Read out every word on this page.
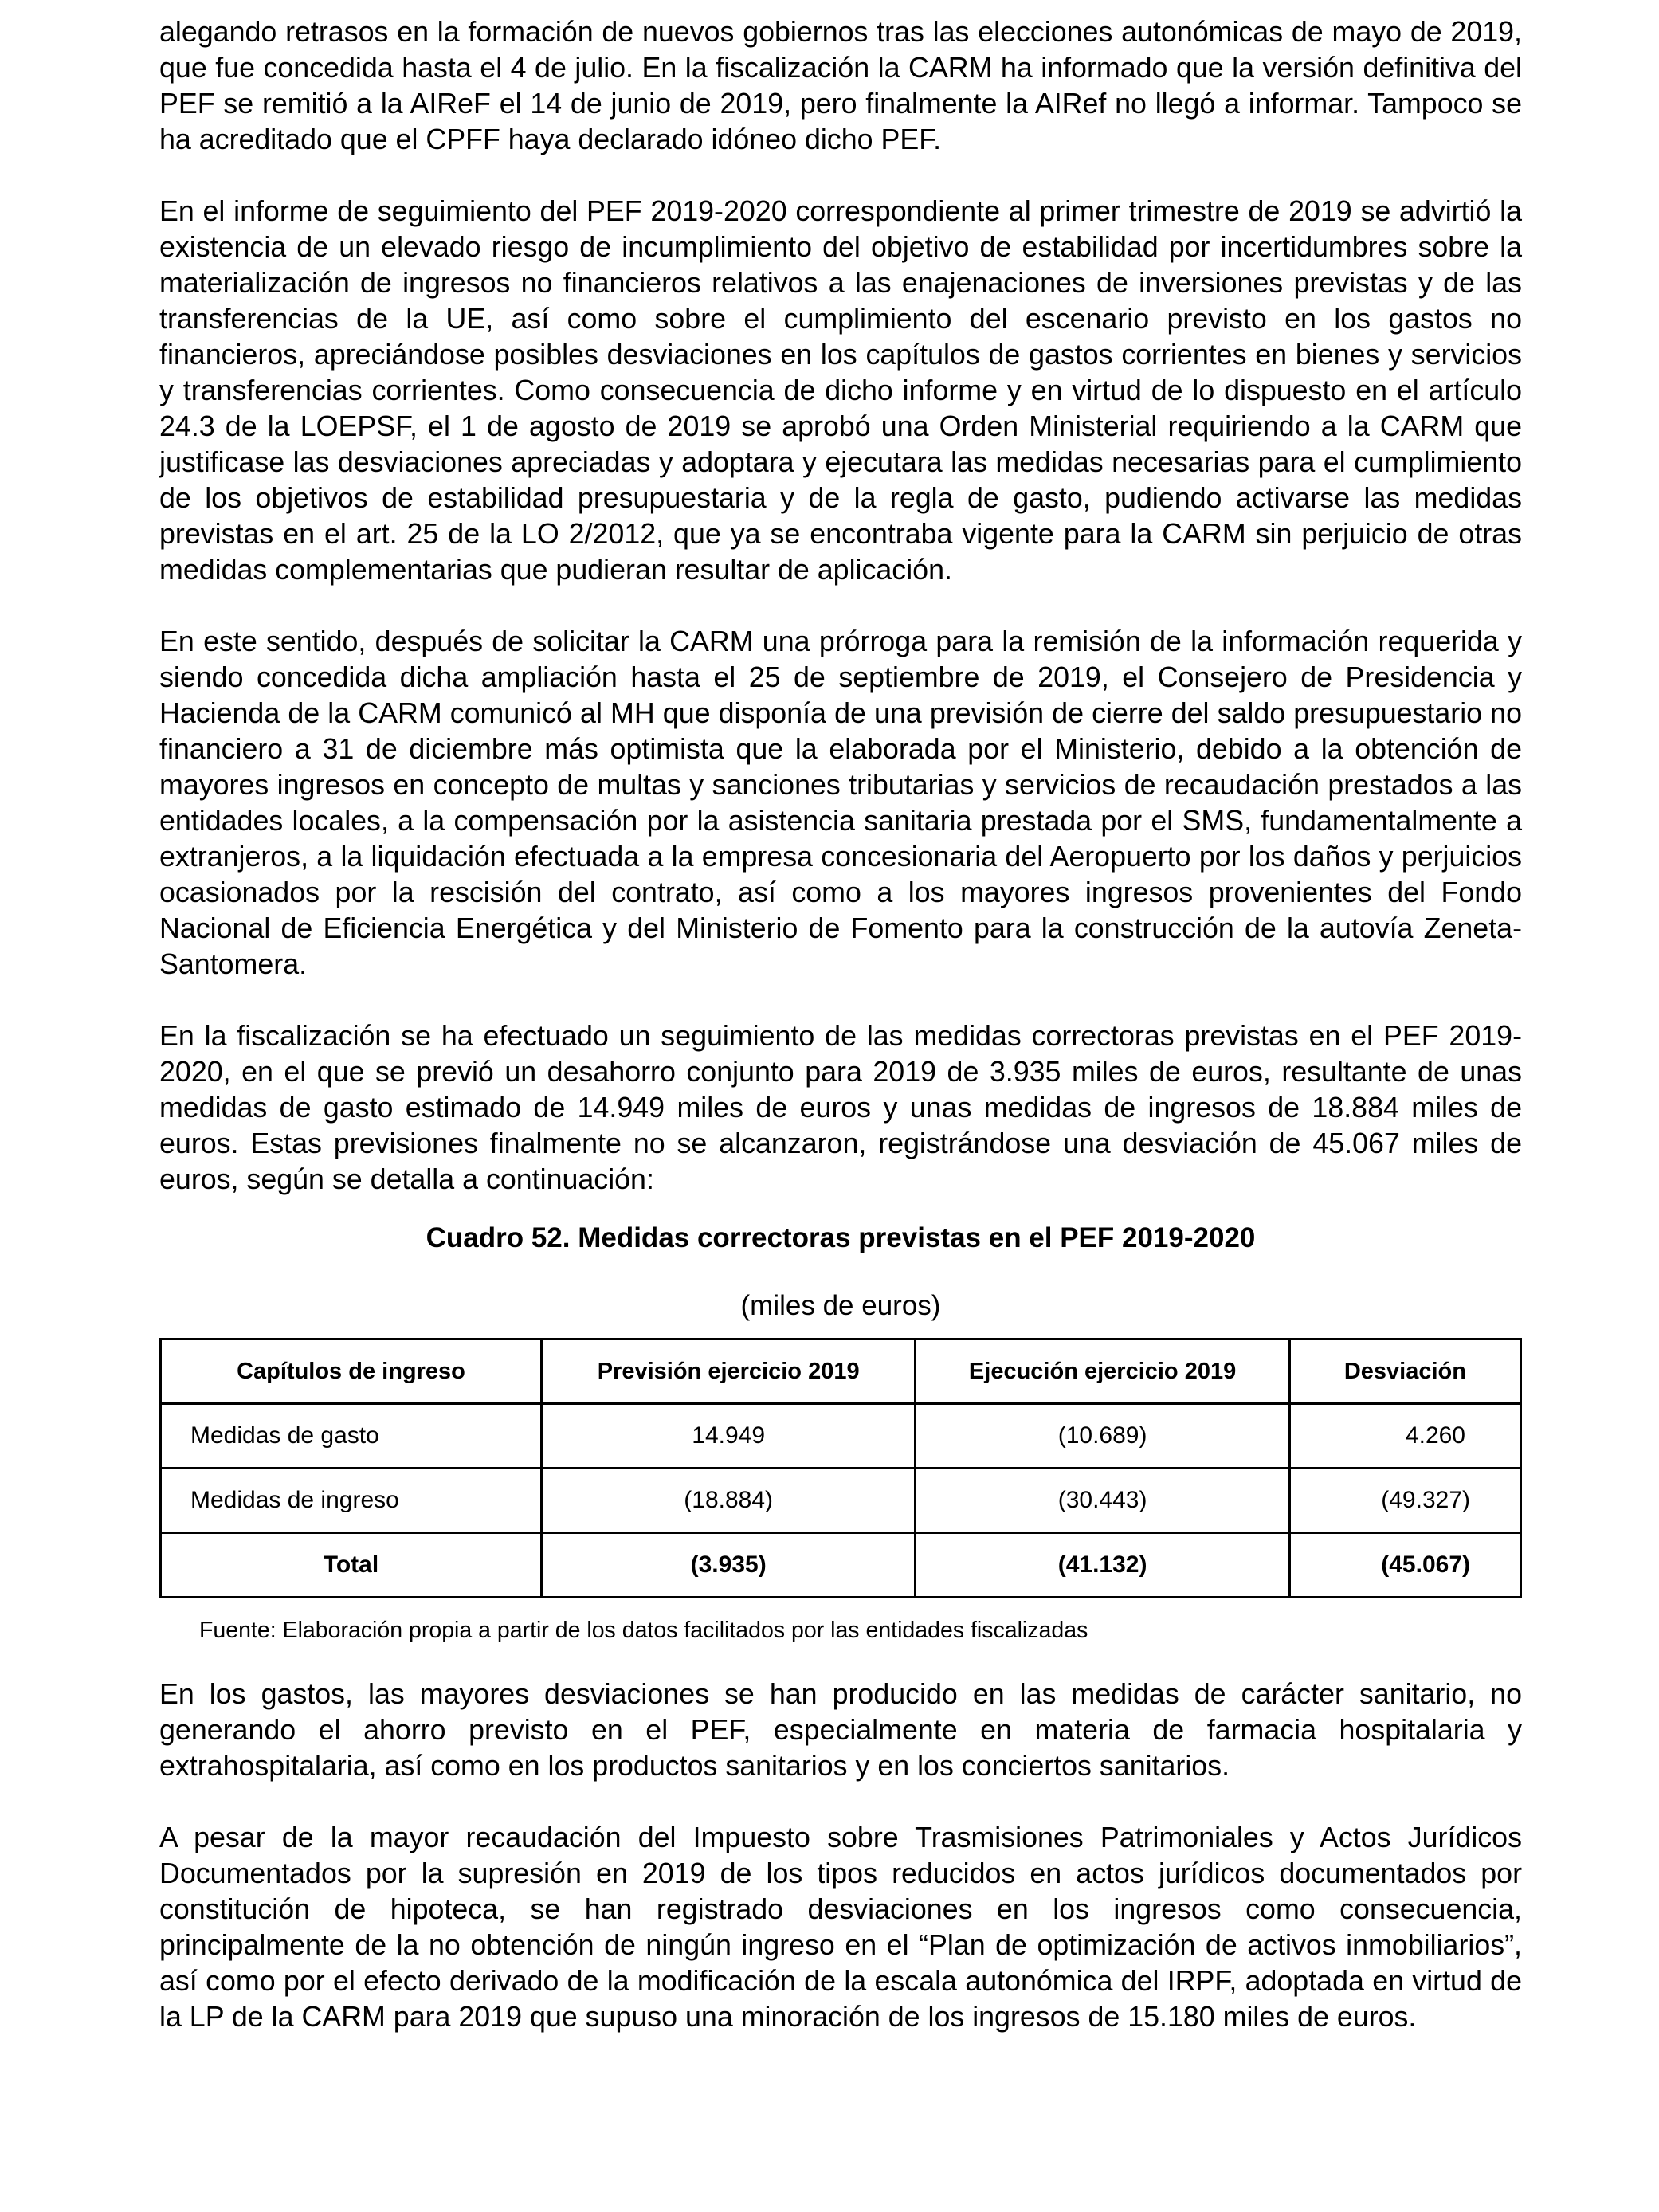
alegando retrasos en la formación de nuevos gobiernos tras las elecciones autonómicas de mayo de 2019, que fue concedida hasta el 4 de julio. En la fiscalización la CARM ha informado que la versión definitiva del PEF se remitió a la AIReF el 14 de junio de 2019, pero finalmente la AIRef no llegó a informar. Tampoco se ha acreditado que el CPFF haya declarado idóneo dicho PEF.

En el informe de seguimiento del PEF 2019-2020 correspondiente al primer trimestre de 2019 se advirtió la existencia de un elevado riesgo de incumplimiento del objetivo de estabilidad por incertidumbres sobre la materialización de ingresos no financieros relativos a las enajenaciones de inversiones previstas y de las transferencias de la UE, así como sobre el cumplimiento del escenario previsto en los gastos no financieros, apreciándose posibles desviaciones en los capítulos de gastos corrientes en bienes y servicios y transferencias corrientes. Como consecuencia de dicho informe y en virtud de lo dispuesto en el artículo 24.3 de la LOEPSF, el 1 de agosto de 2019 se aprobó una Orden Ministerial requiriendo a la CARM que justificase las desviaciones apreciadas y adoptara y ejecutara las medidas necesarias para el cumplimiento de los objetivos de estabilidad presupuestaria y de la regla de gasto, pudiendo activarse las medidas previstas en el art. 25 de la LO 2/2012, que ya se encontraba vigente para la CARM sin perjuicio de otras medidas complementarias que pudieran resultar de aplicación.

En este sentido, después de solicitar la CARM una prórroga para la remisión de la información requerida y siendo concedida dicha ampliación hasta el 25 de septiembre de 2019, el Consejero de Presidencia y Hacienda de la CARM comunicó al MH que disponía de una previsión de cierre del saldo presupuestario no financiero a 31 de diciembre más optimista que la elaborada por el Ministerio, debido a la obtención de mayores ingresos en concepto de multas y sanciones tributarias y servicios de recaudación prestados a las entidades locales, a la compensación por la asistencia sanitaria prestada por el SMS, fundamentalmente a extranjeros, a la liquidación efectuada a la empresa concesionaria del Aeropuerto por los daños y perjuicios ocasionados por la rescisión del contrato, así como a los mayores ingresos provenientes del Fondo Nacional de Eficiencia Energética y del Ministerio de Fomento para la construcción de la autovía Zeneta-Santomera.

En la fiscalización se ha efectuado un seguimiento de las medidas correctoras previstas en el PEF 2019-2020, en el que se previó un desahorro conjunto para 2019 de 3.935 miles de euros, resultante de unas medidas de gasto estimado de 14.949 miles de euros y unas medidas de ingresos de 18.884 miles de euros. Estas previsiones finalmente no se alcanzaron, registrándose una desviación de 45.067 miles de euros, según se detalla a continuación:

Cuadro 52. Medidas correctoras previstas en el PEF 2019-2020
(miles de euros)
Capítulos de ingreso	Previsión ejercicio 2019	Ejecución ejercicio 2019	Desviación
Medidas de gasto	14.949	(10.689)	4.260
Medidas de ingreso	(18.884)	(30.443)	(49.327)
Total	(3.935)	(41.132)	(45.067)
Fuente: Elaboración propia a partir de los datos facilitados por las entidades fiscalizadas

En los gastos, las mayores desviaciones se han producido en las medidas de carácter sanitario, no generando el ahorro previsto en el PEF, especialmente en materia de farmacia hospitalaria y extrahospitalaria, así como en los productos sanitarios y en los conciertos sanitarios.

A pesar de la mayor recaudación del Impuesto sobre Trasmisiones Patrimoniales y Actos Jurídicos Documentados por la supresión en 2019 de los tipos reducidos en actos jurídicos documentados por constitución de hipoteca, se han registrado desviaciones en los ingresos como consecuencia, principalmente de la no obtención de ningún ingreso en el “Plan de optimización de activos inmobiliarios”, así como por el efecto derivado de la modificación de la escala autonómica del IRPF, adoptada en virtud de la LP de la CARM para 2019 que supuso una minoración de los ingresos de 15.180 miles de euros.
